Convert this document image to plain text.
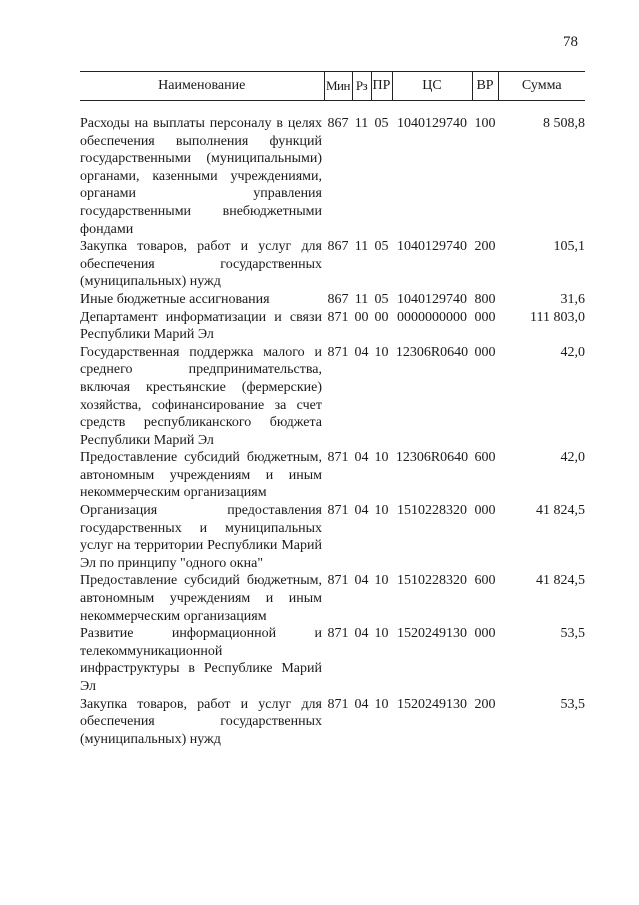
78
Наименование	Мин	Рз	ПР	ЦС	ВР	Сумма

Расходы на выплаты персоналу в целях обеспечения выполнения функций государственными (муниципальными) органами, казенными учреждениями, органами управления государственными внебюджетными фондами	867	11	05	1040129740	100	8 508,8
Закупка товаров, работ и услуг для обеспечения государственных (муниципальных) нужд	867	11	05	1040129740	200	105,1
Иные бюджетные ассигнования	867	11	05	1040129740	800	31,6
Департамент информатизации и связи Республики Марий Эл	871	00	00	0000000000	000	111 803,0
Государственная поддержка малого и среднего предпринимательства, включая крестьянские (фермерские) хозяйства, софинансирование за счет средств республиканского бюджета Республики Марий Эл	871	04	10	12306R0640	000	42,0
Предоставление субсидий бюджетным, автономным учреждениям и иным некоммерческим организациям	871	04	10	12306R0640	600	42,0
Организация предоставления государственных и муниципальных услуг на территории Республики Марий Эл по принципу "одного окна"	871	04	10	1510228320	000	41 824,5
Предоставление субсидий бюджетным, автономным учреждениям и иным некоммерческим организациям	871	04	10	1510228320	600	41 824,5
Развитие информационной и телекоммуникационной инфраструктуры в Республике Марий Эл	871	04	10	1520249130	000	53,5
Закупка товаров, работ и услуг для обеспечения государственных (муниципальных) нужд	871	04	10	1520249130	200	53,5
